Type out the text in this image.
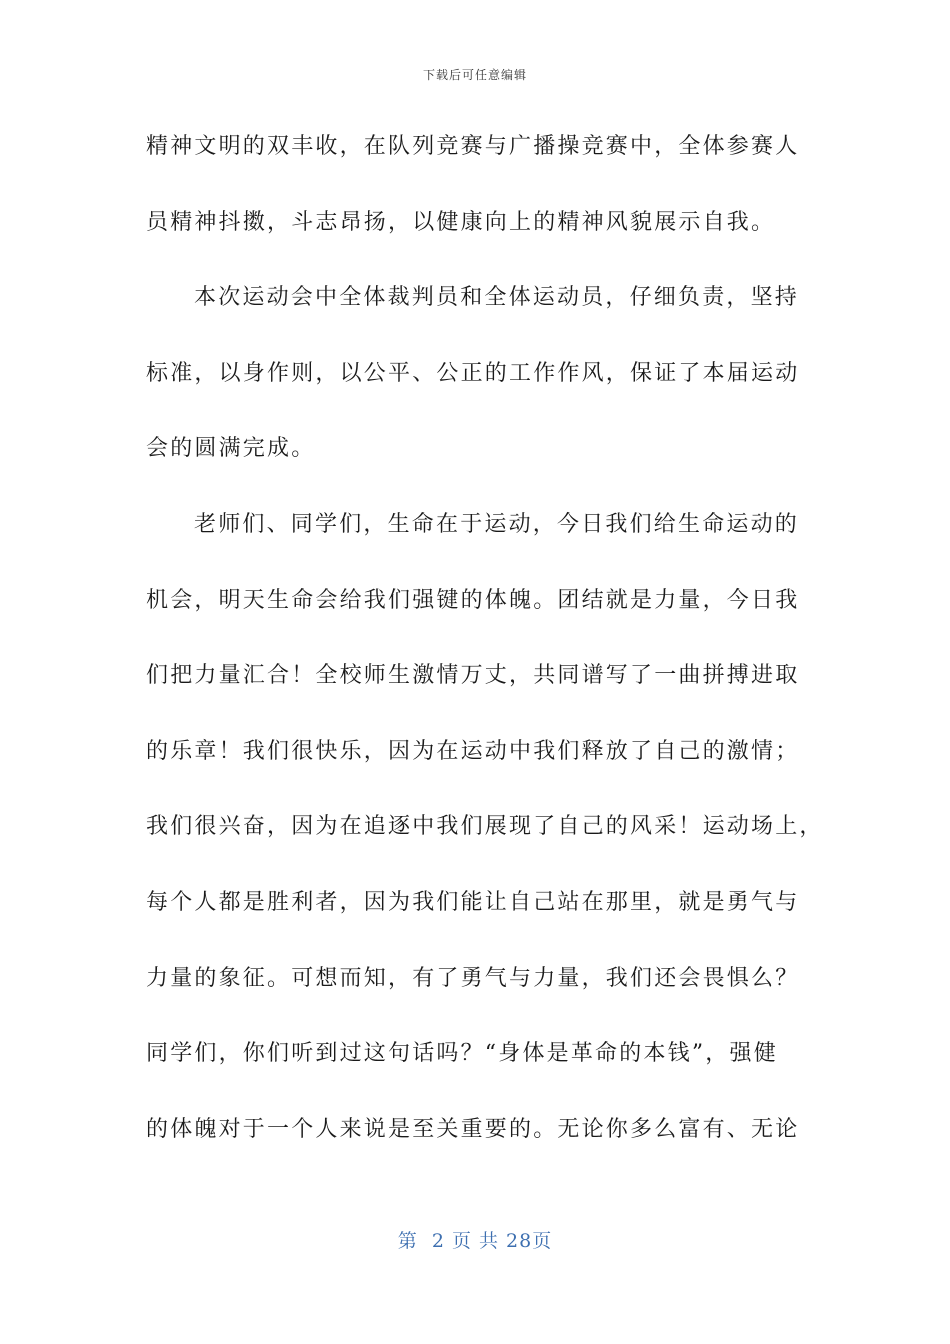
下载后可任意编辑
精神文明的双丰收，在队列竞赛与广播操竞赛中，全体参赛人
员精神抖擞，斗志昂扬，以健康向上的精神风貌展示自我。
本次运动会中全体裁判员和全体运动员，仔细负责，坚持
标准，以身作则，以公平、公正的工作作风，保证了本届运动
会的圆满完成。
老师们、同学们，生命在于运动，今日我们给生命运动的
机会，明天生命会给我们强键的体魄。团结就是力量，今日我
们把力量汇合！全校师生激情万丈，共同谱写了一曲拼搏进取
的乐章！我们很快乐，因为在运动中我们释放了自己的激情；
我们很兴奋，因为在追逐中我们展现了自己的风采！运动场上，
每个人都是胜利者，因为我们能让自己站在那里，就是勇气与
力量的象征。可想而知，有了勇气与力量，我们还会畏惧么？
同学们，你们听到过这句话吗？“身体是革命的本钱”，强健
的体魄对于一个人来说是至关重要的。无论你多么富有、无论
第  2 页 共 28页
